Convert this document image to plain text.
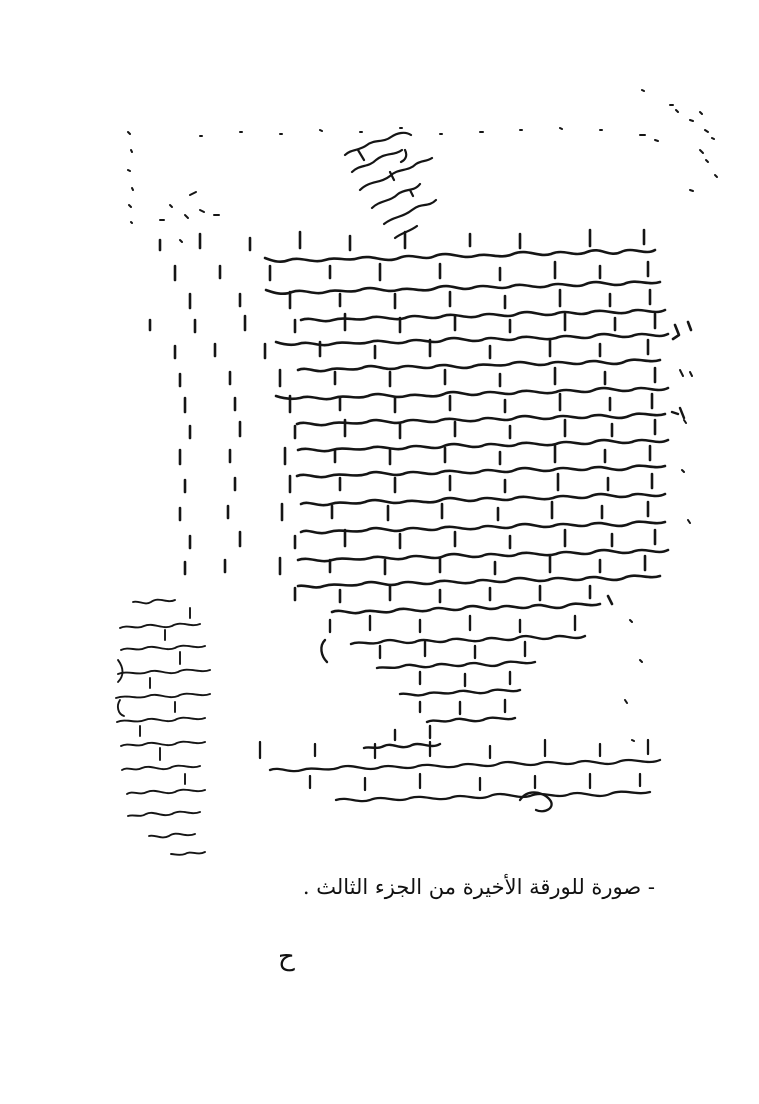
- صورة للورقة الأخيرة من الجزء الثالث .
ح
